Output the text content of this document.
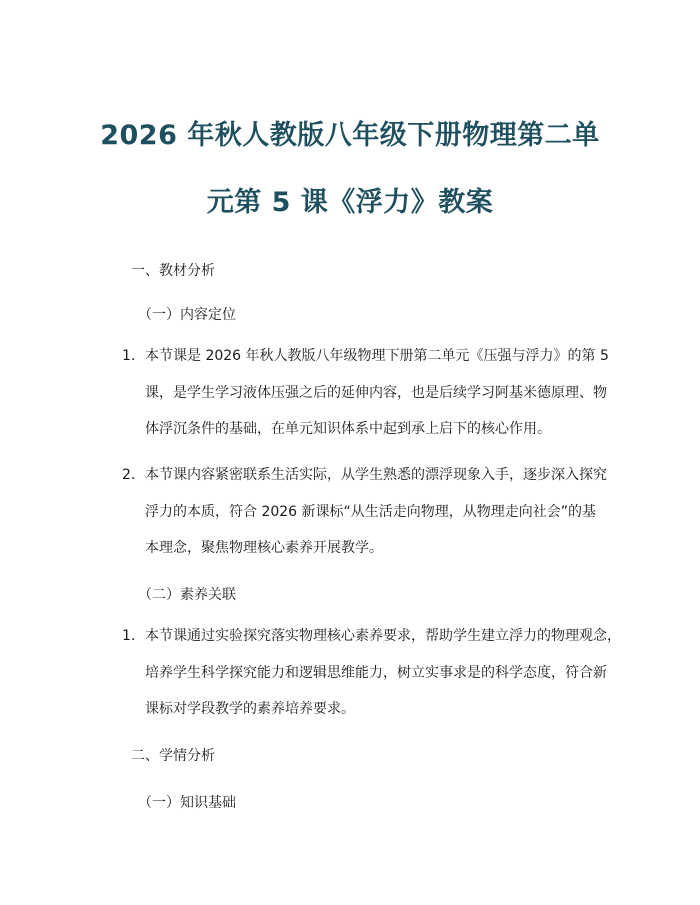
2026 年秋人教版八年级下册物理第二单
元第 5 课《浮力》教案
一、教材分析
（一）内容定位
1. 本节课是 2026 年秋人教版八年级物理下册第二单元《压强与浮力》的第 5
课，是学生学习液体压强之后的延伸内容，也是后续学习阿基米德原理、物
体浮沉条件的基础，在单元知识体系中起到承上启下的核心作用。
2. 本节课内容紧密联系生活实际，从学生熟悉的漂浮现象入手，逐步深入探究
浮力的本质，符合 2026 新课标“从生活走向物理，从物理走向社会”的基
本理念，聚焦物理核心素养开展教学。
（二）素养关联
1. 本节课通过实验探究落实物理核心素养要求，帮助学生建立浮力的物理观念，
培养学生科学探究能力和逻辑思维能力，树立实事求是的科学态度，符合新
课标对学段教学的素养培养要求。
二、学情分析
（一）知识基础
